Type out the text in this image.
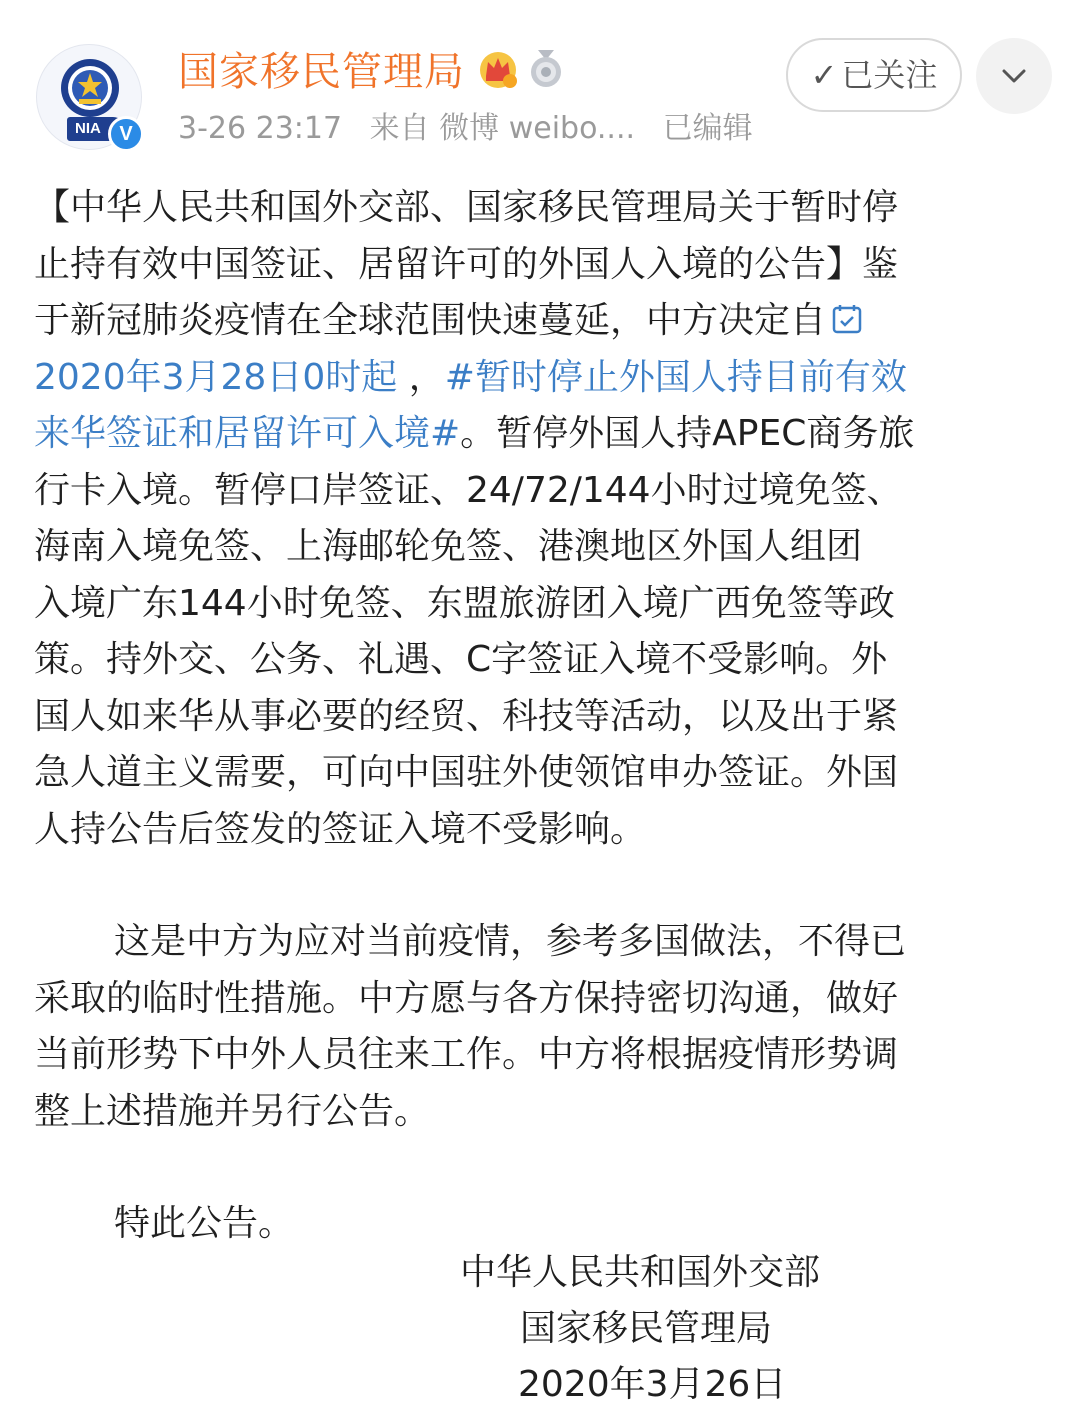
NIA V
国家移民管理局
3-26 23:17 来自 微博 weibo.... 已编辑
✓ 已关注

【中华人民共和国外交部、国家移民管理局关于暂时停

止持有效中国签证、居留许可的外国人入境的公告】鉴

于新冠肺炎疫情在全球范围快速蔓延，中方决定自

2020年3月28日0时起 ，#暂时停止外国人持目前有效

来华签证和居留许可入境#。暂停外国人持APEC商务旅

行卡入境。暂停口岸签证、24/72/144小时过境免签、

海南入境免签、上海邮轮免签、港澳地区外国人组团

入境广东144小时免签、东盟旅游团入境广西免签等政

策。持外交、公务、礼遇、C字签证入境不受影响。外

国人如来华从事必要的经贸、科技等活动，以及出于紧

急人道主义需要，可向中国驻外使领馆申办签证。外国

人持公告后签发的签证入境不受影响。

这是中方为应对当前疫情，参考多国做法，不得已

采取的临时性措施。中方愿与各方保持密切沟通，做好

当前形势下中外人员往来工作。中方将根据疫情形势调

整上述措施并另行公告。

特此公告。

中华人民共和国外交部
国家移民管理局
2020年3月26日
